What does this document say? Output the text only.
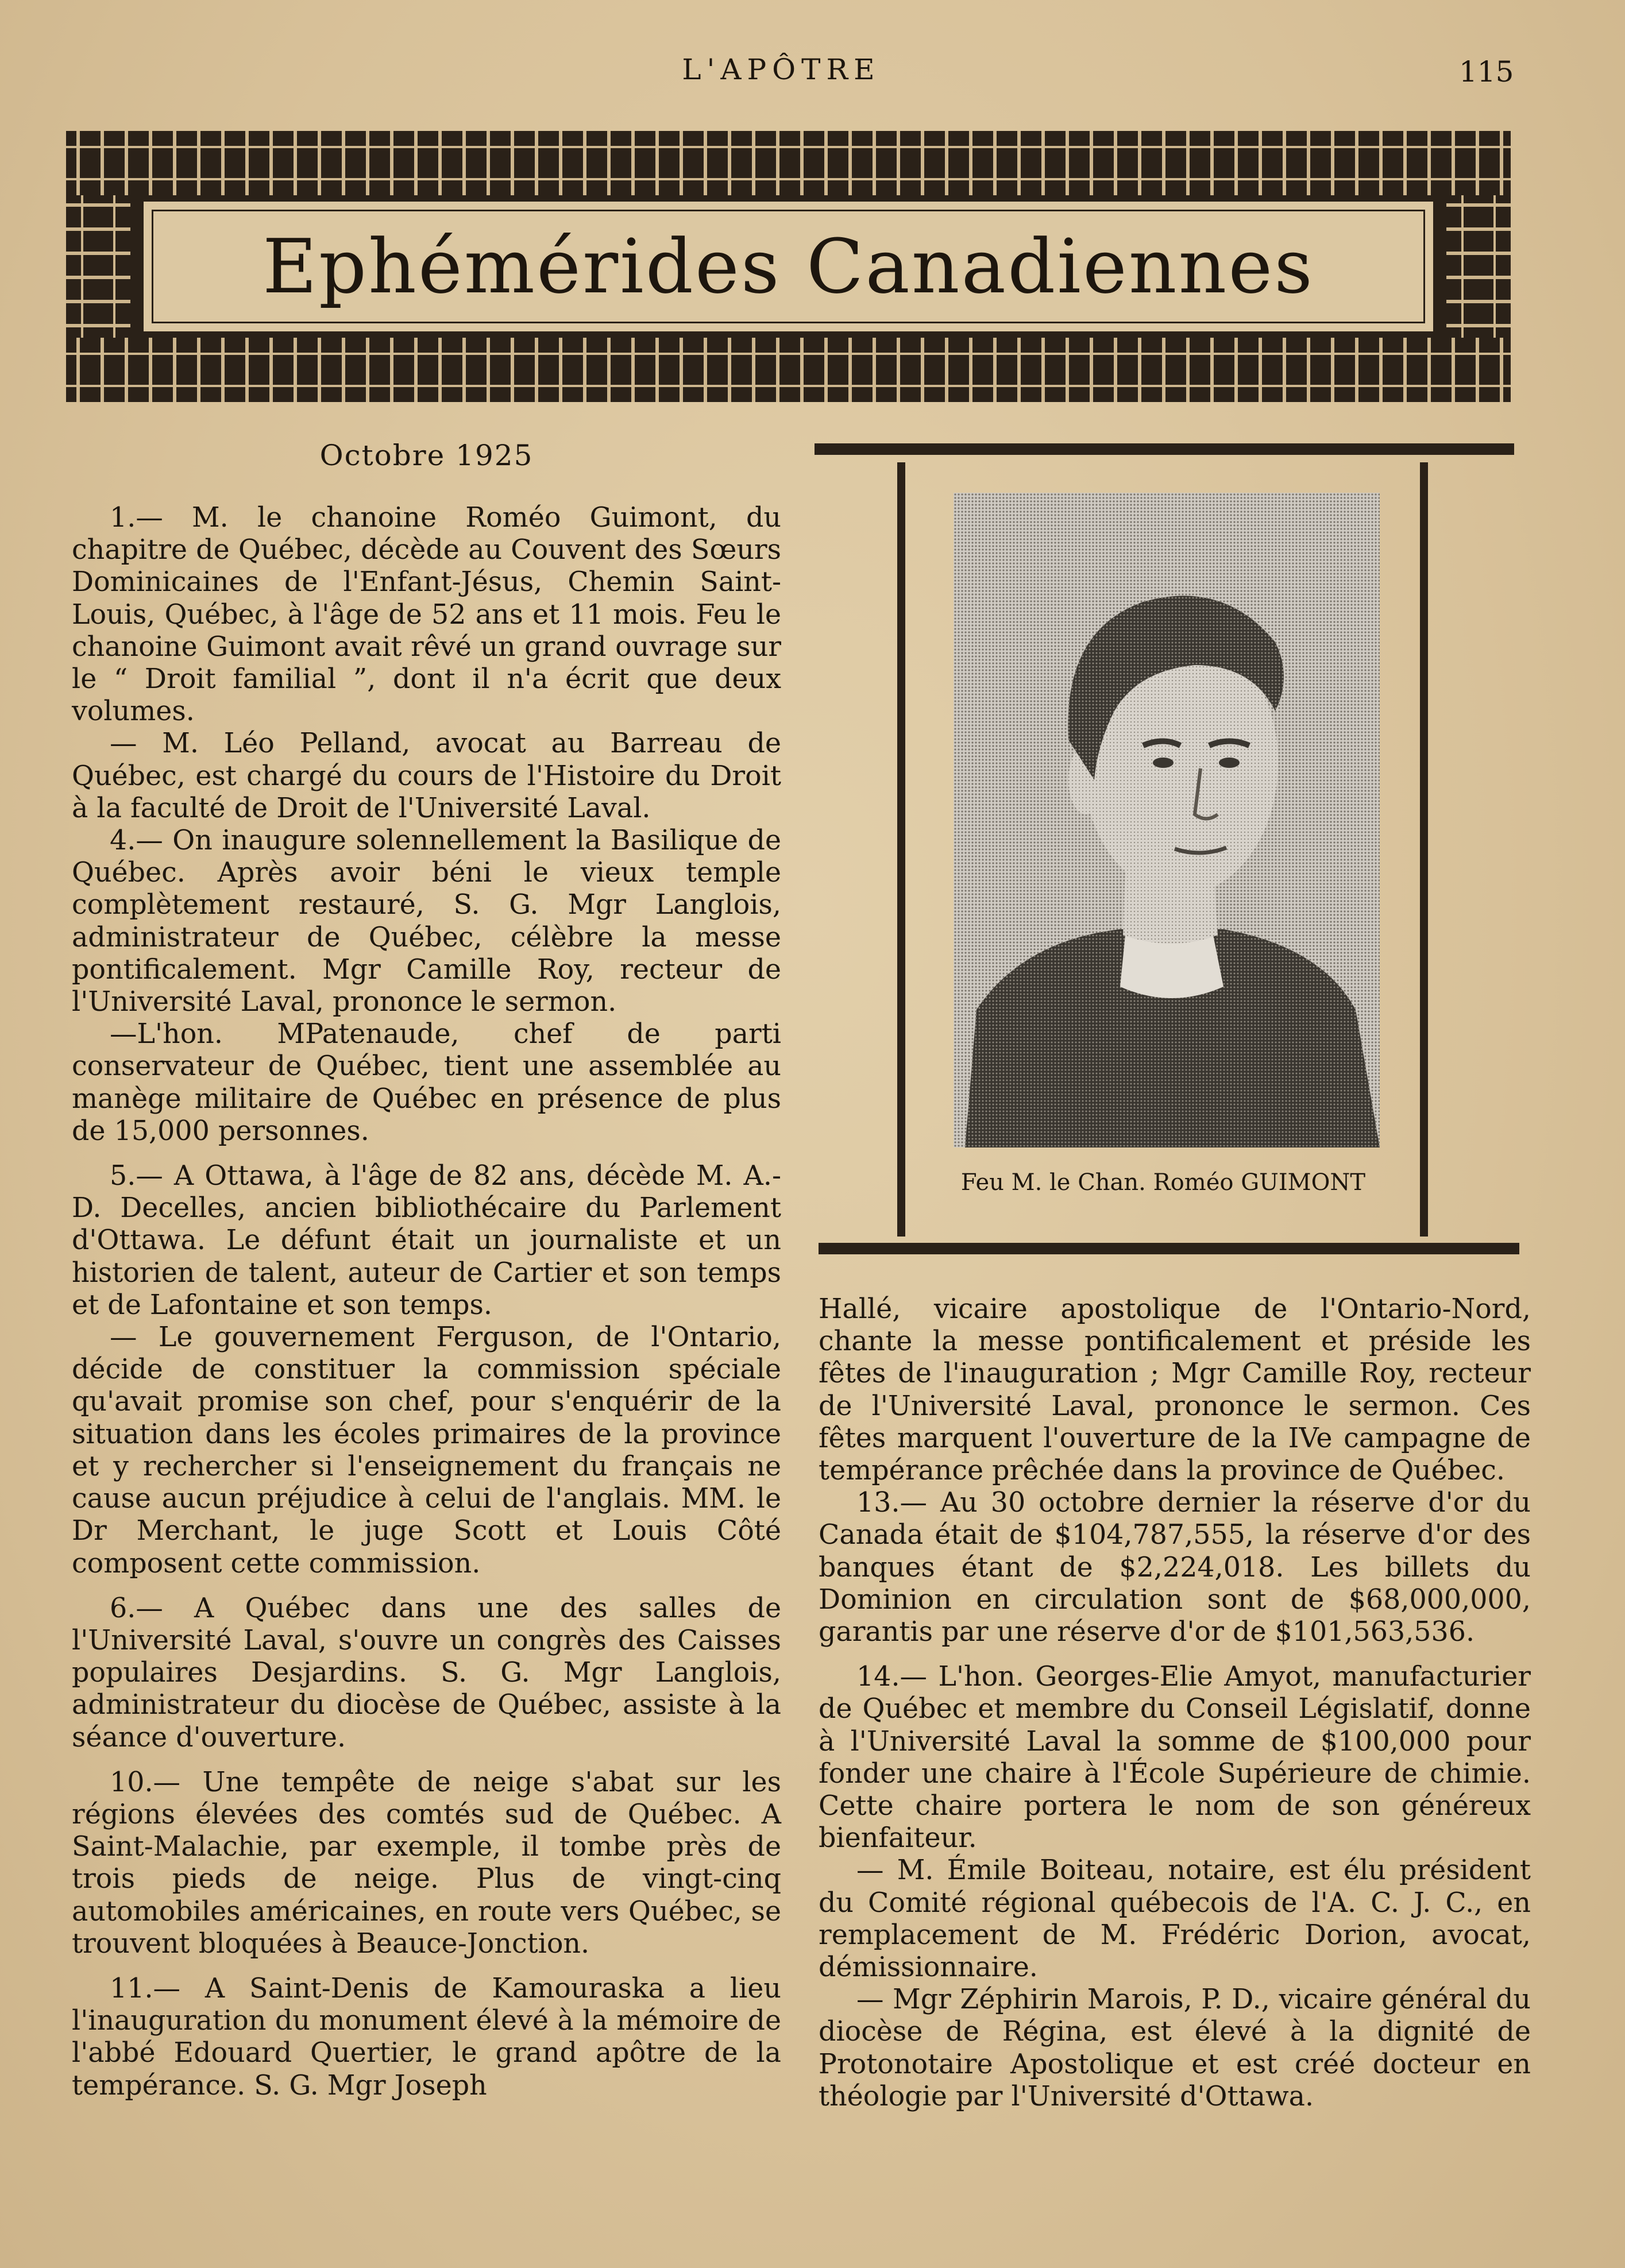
L'APÔTRE	115
Ephémérides Canadiennes
Octobre 1925

1.— M. le chanoine Roméo Guimont, du chapitre de Québec, décède au Couvent des Sœurs Dominicaines de l'Enfant-Jésus, Chemin Saint-Louis, Québec, à l'âge de 52 ans et 11 mois. Feu le chanoine Guimont avait rêvé un grand ouvrage sur le “ Droit familial ”, dont il n'a écrit que deux volumes.

— M. Léo Pelland, avocat au Barreau de Québec, est chargé du cours de l'Histoire du Droit à la faculté de Droit de l'Université Laval.

4.— On inaugure solennellement la Basilique de Québec. Après avoir béni le vieux temple complètement restauré, S. G. Mgr Langlois, administrateur de Québec, célèbre la messe pontificalement. Mgr Camille Roy, recteur de l'Université Laval, prononce le sermon.

—L'hon. MPatenaude, chef de parti conservateur de Québec, tient une assemblée au manège militaire de Québec en présence de plus de 15,000 personnes.

5.— A Ottawa, à l'âge de 82 ans, décède M. A.-D. Decelles, ancien bibliothécaire du Parlement d'Ottawa. Le défunt était un journaliste et un historien de talent, auteur de Cartier et son temps et de Lafontaine et son temps.

— Le gouvernement Ferguson, de l'Ontario, décide de constituer la commission spéciale qu'avait promise son chef, pour s'enquérir de la situation dans les écoles primaires de la province et y rechercher si l'enseignement du français ne cause aucun préjudice à celui de l'anglais. MM. le Dr Merchant, le juge Scott et Louis Côté composent cette commission.

6.— A Québec dans une des salles de l'Université Laval, s'ouvre un congrès des Caisses populaires Desjardins. S. G. Mgr Langlois, administrateur du diocèse de Québec, assiste à la séance d'ouverture.

10.— Une tempête de neige s'abat sur les régions élevées des comtés sud de Québec. A Saint-Malachie, par exemple, il tombe près de trois pieds de neige. Plus de vingt-cinq automobiles américaines, en route vers Québec, se trouvent bloquées à Beauce-Jonction.

11.— A Saint-Denis de Kamouraska a lieu l'inauguration du monument élevé à la mémoire de l'abbé Edouard Quertier, le grand apôtre de la tempérance. S. G. Mgr Joseph

Feu M. le Chan. Roméo GUIMONT

Hallé, vicaire apostolique de l'Ontario-Nord, chante la messe pontificalement et préside les fêtes de l'inauguration ; Mgr Camille Roy, recteur de l'Université Laval, prononce le sermon. Ces fêtes marquent l'ouverture de la IVe campagne de tempérance prêchée dans la province de Québec.

13.— Au 30 octobre dernier la réserve d'or du Canada était de $104,787,555, la réserve d'or des banques étant de $2,224,018. Les billets du Dominion en circulation sont de $68,000,000, garantis par une réserve d'or de $101,563,536.

14.— L'hon. Georges-Elie Amyot, manufacturier de Québec et membre du Conseil Législatif, donne à l'Université Laval la somme de $100,000 pour fonder une chaire à l'École Supérieure de chimie. Cette chaire portera le nom de son généreux bienfaiteur.

— M. Émile Boiteau, notaire, est élu président du Comité régional québecois de l'A. C. J. C., en remplacement de M. Frédéric Dorion, avocat, démissionnaire.

— Mgr Zéphirin Marois, P. D., vicaire général du diocèse de Régina, est élevé à la dignité de Protonotaire Apostolique et est créé docteur en théologie par l'Université d'Ottawa.
